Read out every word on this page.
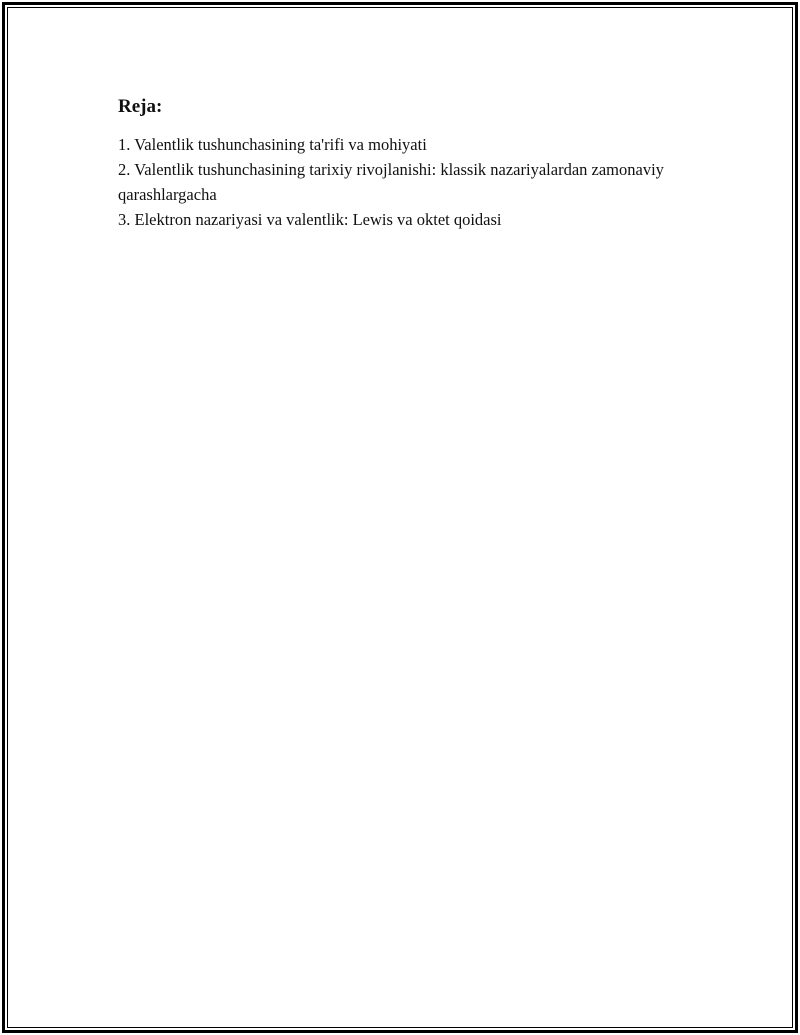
Reja:
1. Valentlik tushunchasining ta'rifi va mohiyati
2. Valentlik tushunchasining tarixiy rivojlanishi: klassik nazariyalardan zamonaviy qarashlargacha
3. Elektron nazariyasi va valentlik: Lewis va oktet qoidasi
